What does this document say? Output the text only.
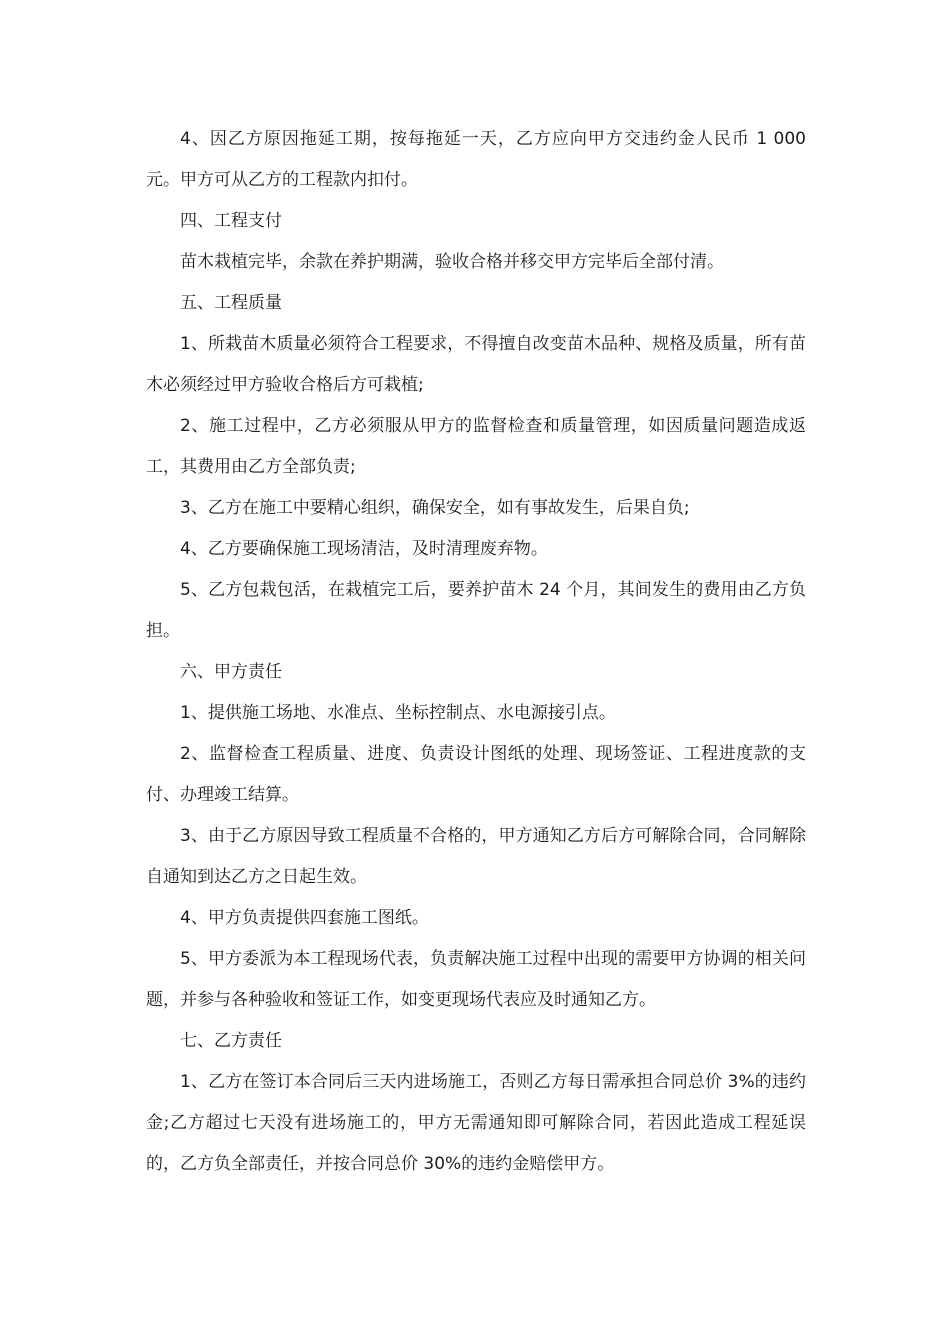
4、因乙方原因拖延工期，按每拖延一天，乙方应向甲方交违约金人民币 1 000 元。甲方可从乙方的工程款内扣付。

四、工程支付

苗木栽植完毕，余款在养护期满，验收合格并移交甲方完毕后全部付清。

五、工程质量

1、所栽苗木质量必须符合工程要求，不得擅自改变苗木品种、规格及质量，所有苗木必须经过甲方验收合格后方可栽植;

2、施工过程中，乙方必须服从甲方的监督检查和质量管理，如因质量问题造成返工，其费用由乙方全部负责;

3、乙方在施工中要精心组织，确保安全，如有事故发生，后果自负;

4、乙方要确保施工现场清洁，及时清理废弃物。

5、乙方包栽包活，在栽植完工后，要养护苗木 24 个月，其间发生的费用由乙方负担。

六、甲方责任

1、提供施工场地、水准点、坐标控制点、水电源接引点。

2、监督检查工程质量、进度、负责设计图纸的处理、现场签证、工程进度款的支付、办理竣工结算。

3、由于乙方原因导致工程质量不合格的，甲方通知乙方后方可解除合同，合同解除自通知到达乙方之日起生效。

4、甲方负责提供四套施工图纸。

5、甲方委派为本工程现场代表，负责解决施工过程中出现的需要甲方协调的相关问题，并参与各种验收和签证工作，如变更现场代表应及时通知乙方。

七、乙方责任

1、乙方在签订本合同后三天内进场施工，否则乙方每日需承担合同总价 3%的违约金;乙方超过七天没有进场施工的，甲方无需通知即可解除合同，若因此造成工程延误的，乙方负全部责任，并按合同总价 30%的违约金赔偿甲方。
